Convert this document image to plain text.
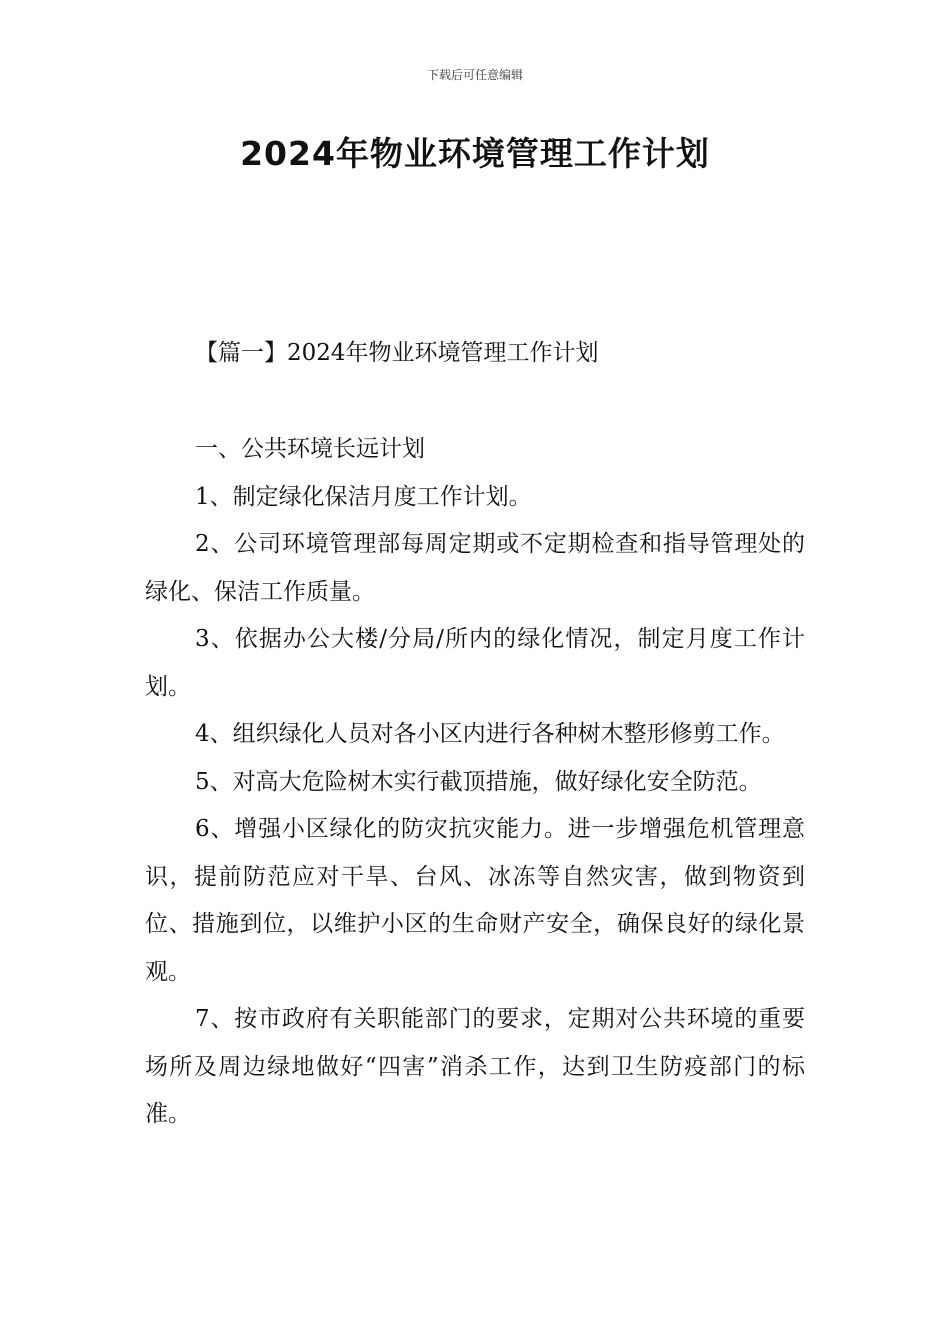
下载后可任意编辑
2024年物业环境管理工作计划
【篇一】2024年物业环境管理工作计划

一、公共环境长远计划

1、制定绿化保洁月度工作计划。

2、公司环境管理部每周定期或不定期检查和指导管理处的绿化、保洁工作质量。

3、依据办公大楼/分局/所内的绿化情况，制定月度工作计划。

4、组织绿化人员对各小区内进行各种树木整形修剪工作。

5、对高大危险树木实行截顶措施，做好绿化安全防范。

6、增强小区绿化的防灾抗灾能力。进一步增强危机管理意识，提前防范应对干旱、台风、冰冻等自然灾害，做到物资到位、措施到位，以维护小区的生命财产安全，确保良好的绿化景观。

7、按市政府有关职能部门的要求，定期对公共环境的重要场所及周边绿地做好“四害”消杀工作，达到卫生防疫部门的标准。
